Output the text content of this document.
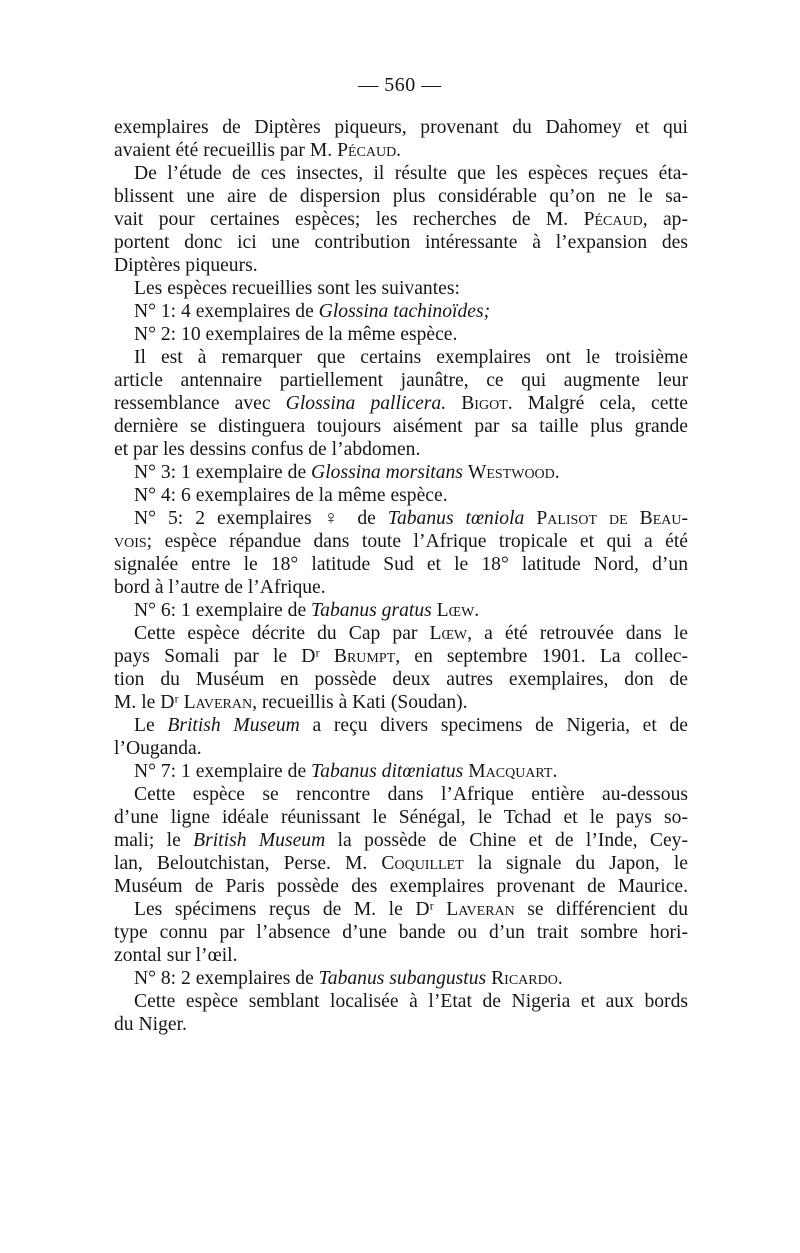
— 560 —
exemplaires de Diptères piqueurs, provenant du Dahomey et qui
avaient été recueillis par M. Pécaud.
De l’étude de ces insectes, il résulte que les espèces reçues éta-
blissent une aire de dispersion plus considérable qu’on ne le sa-
vait pour certaines espèces; les recherches de M. Pécaud, ap-
portent donc ici une contribution intéressante à l’expansion des
Diptères piqueurs.
Les espèces recueillies sont les suivantes:
N° 1: 4 exemplaires de Glossina tachinoïdes;
N° 2: 10 exemplaires de la même espèce.
Il est à remarquer que certains exemplaires ont le troisième
article antennaire partiellement jaunâtre, ce qui augmente leur
ressemblance avec Glossina pallicera. Bigot. Malgré cela, cette
dernière se distinguera toujours aisément par sa taille plus grande
et par les dessins confus de l’abdomen.
N° 3: 1 exemplaire de Glossina morsitans Westwood.
N° 4: 6 exemplaires de la même espèce.
N° 5: 2 exemplaires ♀ de Tabanus tœniola Palisot de Beau-
vois; espèce répandue dans toute l’Afrique tropicale et qui a été
signalée entre le 18° latitude Sud et le 18° latitude Nord, d’un
bord à l’autre de l’Afrique.
N° 6: 1 exemplaire de Tabanus gratus Lœw.
Cette espèce décrite du Cap par Lœw, a été retrouvée dans le
pays Somali par le Dʳ Brumpt, en septembre 1901. La collec-
tion du Muséum en possède deux autres exemplaires, don de
M. le Dʳ Laveran, recueillis à Kati (Soudan).
Le British Museum a reçu divers specimens de Nigeria, et de
l’Ouganda.
N° 7: 1 exemplaire de Tabanus ditœniatus Macquart.
Cette espèce se rencontre dans l’Afrique entière au-dessous
d’une ligne idéale réunissant le Sénégal, le Tchad et le pays so-
mali; le British Museum la possède de Chine et de l’Inde, Cey-
lan, Beloutchistan, Perse. M. Coquillet la signale du Japon, le
Muséum de Paris possède des exemplaires provenant de Maurice.
Les spécimens reçus de M. le Dʳ Laveran se différencient du
type connu par l’absence d’une bande ou d’un trait sombre hori-
zontal sur l’œil.
N° 8: 2 exemplaires de Tabanus subangustus Ricardo.
Cette espèce semblant localisée à l’Etat de Nigeria et aux bords
du Niger.
